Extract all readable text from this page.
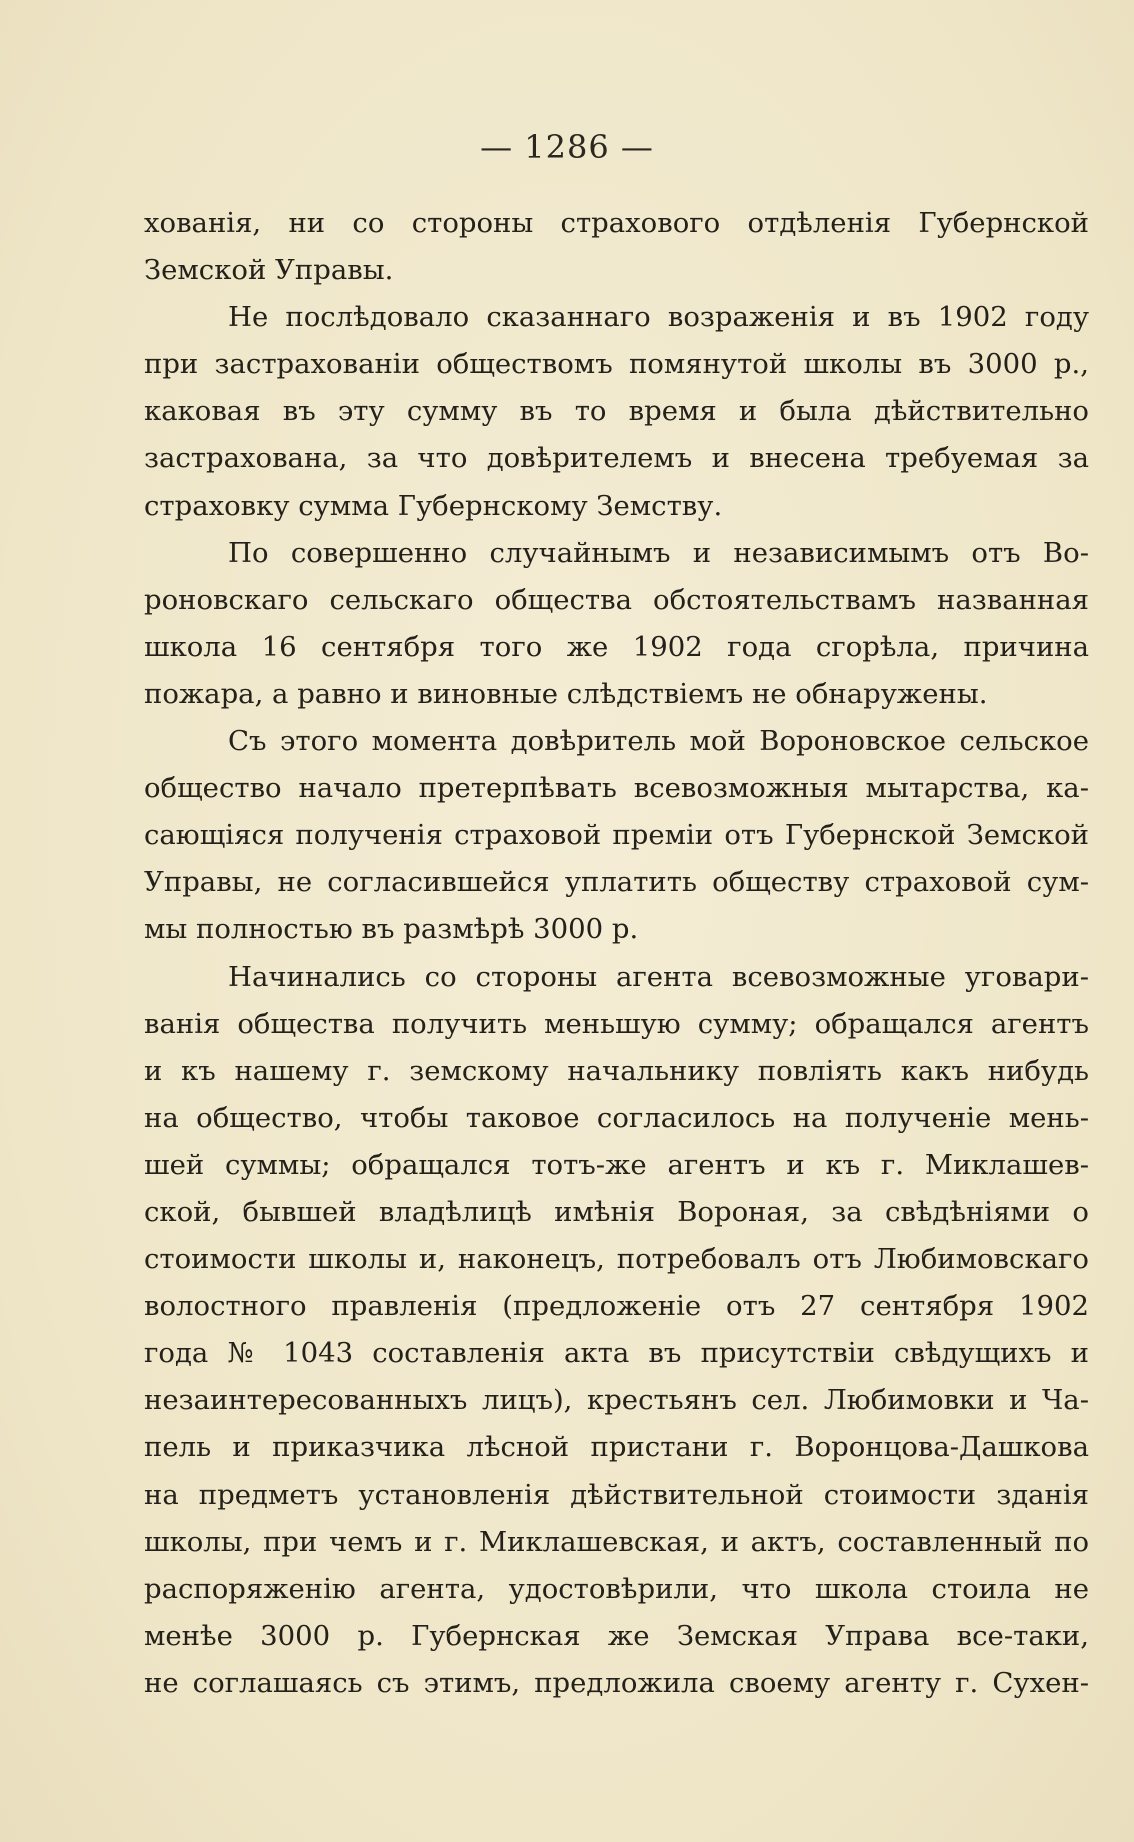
— 1286 —
хованія, ни со стороны страхового отдѣленія Губернской
Земской Управы.
Не послѣдовало сказаннаго возраженія и въ 1902 году
при застрахованіи обществомъ помянутой школы въ 3000 р.,
каковая въ эту сумму въ то время и была дѣйствительно
застрахована, за что довѣрителемъ и внесена требуемая за
страховку сумма Губернскому Земству.
По совершенно случайнымъ и независимымъ отъ Во-
роновскаго сельскаго общества обстоятельствамъ названная
школа 16 сентября того же 1902 года сгорѣла, причина
пожара, а равно и виновные слѣдствіемъ не обнаружены.
Съ этого момента довѣритель мой Вороновское сельское
общество начало претерпѣвать всевозможныя мытарства, ка-
сающіяся полученія страховой преміи отъ Губернской Земской
Управы, не согласившейся уплатить обществу страховой сум-
мы полностью въ размѣрѣ 3000 р.
Начинались со стороны агента всевозможные уговари-
ванія общества получить меньшую сумму; обращался агентъ
и къ нашему г. земскому начальнику повліять какъ нибудь
на общество, чтобы таковое согласилось на полученіе мень-
шей суммы; обращался тотъ-же агентъ и къ г. Миклашев-
ской, бывшей владѣлицѣ имѣнія Вороная, за свѣдѣніями о
стоимости школы и, наконецъ, потребовалъ отъ Любимовскаго
волостного правленія (предложеніе отъ 27 сентября 1902
года № 1043 составленія акта въ присутствіи свѣдущихъ и
незаинтересованныхъ лицъ), крестьянъ сел. Любимовки и Ча-
пель и приказчика лѣсной пристани г. Воронцова-Дашкова
на предметъ установленія дѣйствительной стоимости зданія
школы, при чемъ и г. Миклашевская, и актъ, составленный по
распоряженію агента, удостовѣрили, что школа стоила не
менѣе 3000 р. Губернская же Земская Управа все-таки,
не соглашаясь съ этимъ, предложила своему агенту г. Сухен-
